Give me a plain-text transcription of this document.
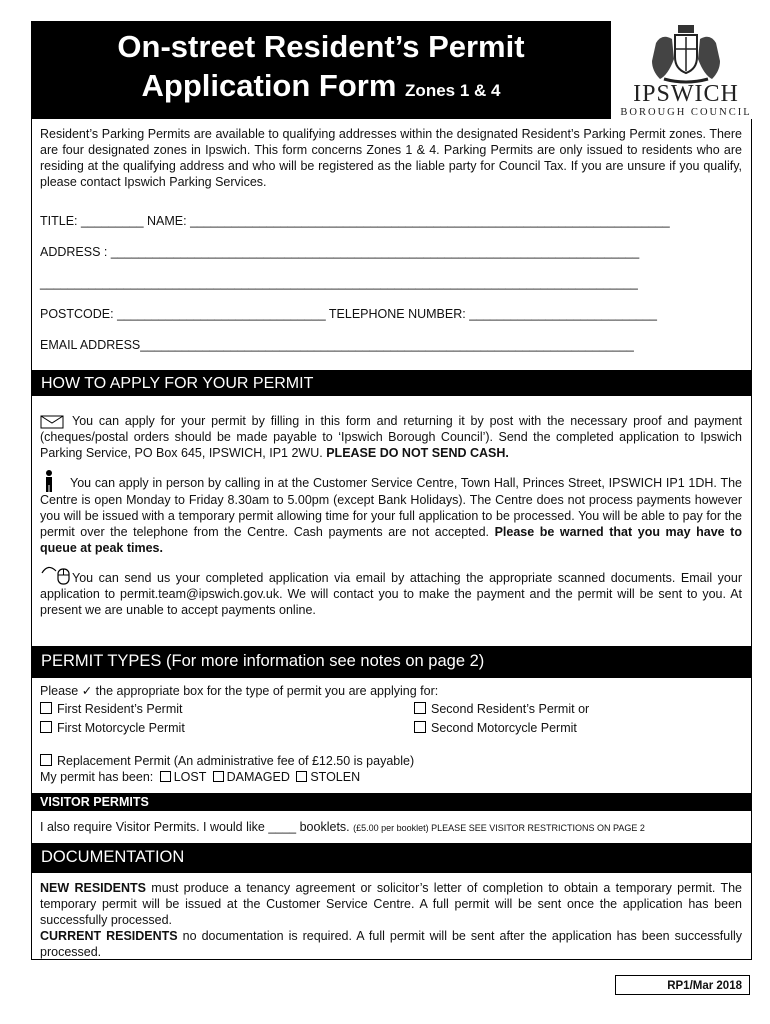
On-street Resident’s Permit
Application Form Zones 1 & 4	IPSWICH
BOROUGH COUNCIL
Resident’s Parking Permits are available to qualifying addresses within the designated Resident’s Parking Permit zones. There are four designated zones in Ipswich. This form concerns Zones 1 & 4. Parking Permits are only issued to residents who are residing at the qualifying address and who will be registered as the liable party for Council Tax. If you are unsure if you qualify, please contact Ipswich Parking Services.
TITLE: _________ NAME: _____________________________________________________________________
ADDRESS : ____________________________________________________________________________
______________________________________________________________________________________
POSTCODE: ______________________________ TELEPHONE NUMBER: ___________________________
EMAIL ADDRESS_______________________________________________________________________
HOW TO APPLY FOR YOUR PERMIT
You can apply for your permit by filling in this form and returning it by post with the necessary proof and payment (cheques/postal orders should be made payable to ‘Ipswich Borough Council’). Send the completed application to Ipswich Parking Service, PO Box 645, IPSWICH, IP1 2WU. PLEASE DO NOT SEND CASH.
You can apply in person by calling in at the Customer Service Centre, Town Hall, Princes Street, IPSWICH IP1 1DH. The Centre is open Monday to Friday 8.30am to 5.00pm (except Bank Holidays). The Centre does not process payments however you will be issued with a temporary permit allowing time for your full application to be processed. You will be able to pay for the permit over the telephone from the Centre. Cash payments are not accepted. Please be warned that you may have to queue at peak times.
You can send us your completed application via email by attaching the appropriate scanned documents. Email your application to permit.team@ipswich.gov.uk. We will contact you to make the payment and the permit will be sent to you. At present we are unable to accept payments online.
PERMIT TYPES (For more information see notes on page 2)
Please ✓ the appropriate box for the type of permit you are applying for:
First Resident’s Permit	Second Resident’s Permit or
First Motorcycle Permit	Second Motorcycle Permit
Replacement Permit (An administrative fee of £12.50 is payable)
My permit has been: LOST DAMAGED STOLEN
VISITOR PERMITS
I also require Visitor Permits. I would like ____ booklets. (£5.00 per booklet) PLEASE SEE VISITOR RESTRICTIONS ON PAGE 2
DOCUMENTATION
NEW RESIDENTS must produce a tenancy agreement or solicitor’s letter of completion to obtain a temporary permit. The temporary permit will be issued at the Customer Service Centre. A full permit will be sent once the application has been successfully processed.
CURRENT RESIDENTS no documentation is required. A full permit will be sent after the application has been successfully processed.
RP1/Mar 2018
